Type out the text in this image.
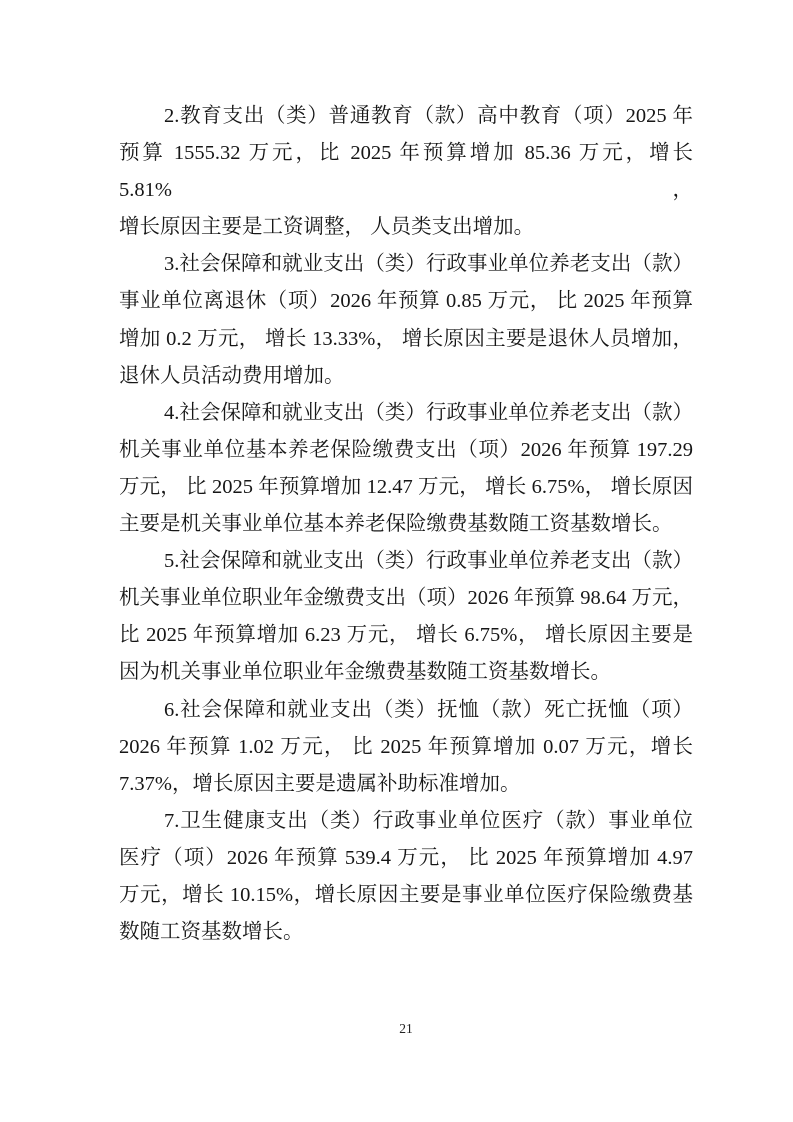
2.教育支出（类）普通教育（款）高中教育（项）2025 年
预算 1555.32 万元，比 2025 年预算增加 85.36 万元，增长 5.81%，
增长原因主要是工资调整， 人员类支出增加。
3.社会保障和就业支出（类）行政事业单位养老支出（款）
事业单位离退休（项）2026 年预算 0.85 万元， 比 2025 年预算
增加 0.2 万元， 增长 13.33%， 增长原因主要是退休人员增加，
退休人员活动费用增加。
4.社会保障和就业支出（类）行政事业单位养老支出（款）
机关事业单位基本养老保险缴费支出（项）2026 年预算 197.29
万元， 比 2025 年预算增加 12.47 万元， 增长 6.75%， 增长原因
主要是机关事业单位基本养老保险缴费基数随工资基数增长。
5.社会保障和就业支出（类）行政事业单位养老支出（款）
机关事业单位职业年金缴费支出（项）2026 年预算 98.64 万元，
比 2025 年预算增加 6.23 万元， 增长 6.75%， 增长原因主要是
因为机关事业单位职业年金缴费基数随工资基数增长。
6.社会保障和就业支出（类）抚恤（款）死亡抚恤（项）
2026 年预算 1.02 万元， 比 2025 年预算增加 0.07 万元，增长
7.37%，增长原因主要是遗属补助标准增加。
7.卫生健康支出（类）行政事业单位医疗（款）事业单位
医疗（项）2026 年预算 539.4 万元， 比 2025 年预算增加 4.97
万元，增长 10.15%，增长原因主要是事业单位医疗保险缴费基
数随工资基数增长。
21
